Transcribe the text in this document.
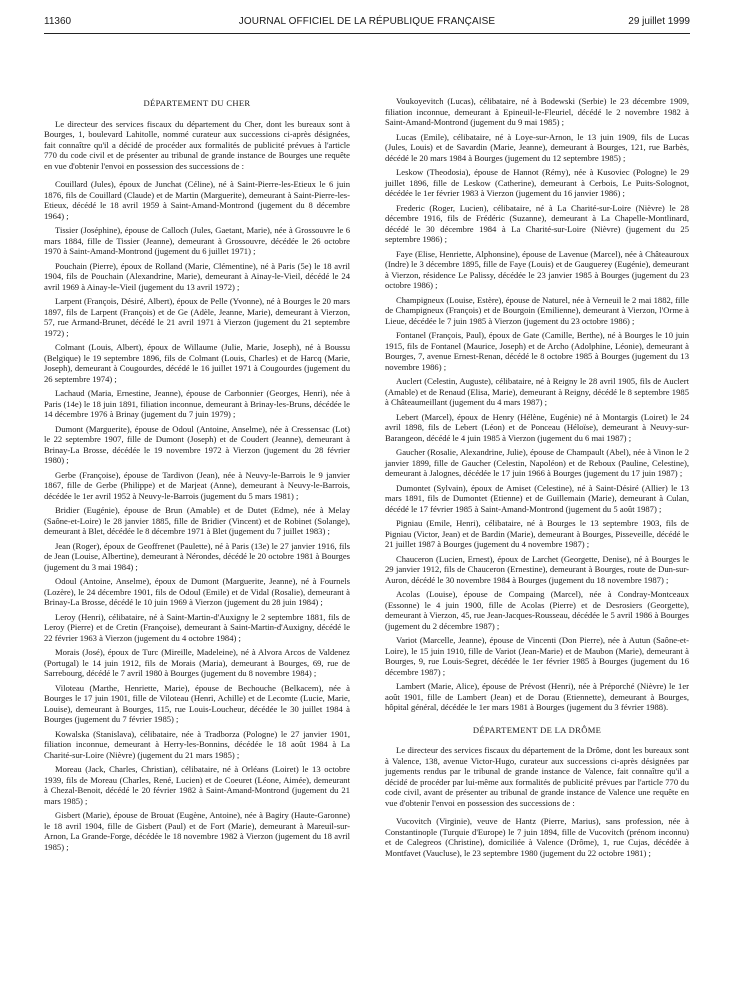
11360	JOURNAL OFFICIEL DE LA RÉPUBLIQUE FRANÇAISE	29 juillet 1999
DÉPARTEMENT DU CHER

Le directeur des services fiscaux du département du Cher, dont les bureaux sont à Bourges, 1, boulevard Lahitolle, nommé curateur aux successions ci-après désignées, fait connaître qu'il a décidé de procéder aux formalités de publicité prévues à l'article 770 du code civil et de présenter au tribunal de grande instance de Bourges une requête en vue d'obtenir l'envoi en possession des successions de :

Couillard (Jules), époux de Junchat (Céline), né à Saint-Pierre-les-Etieux le 6 juin 1876, fils de Couillard (Claude) et de Martin (Marguerite), demeurant à Saint-Pierre-les-Etieux, décédé le 18 avril 1959 à Saint-Amand-Montrond (jugement du 8 décembre 1964) ;

Tissier (Joséphine), épouse de Calloch (Jules, Gaetant, Marie), née à Grossouvre le 6 mars 1884, fille de Tissier (Jeanne), demeurant à Grossouvre, décédée le 26 octobre 1970 à Saint-Amand-Montrond (jugement du 6 juillet 1971) ;

Pouchain (Pierre), époux de Rolland (Marie, Clémentine), né à Paris (5e) le 18 avril 1904, fils de Pouchain (Alexandrine, Marie), demeurant à Ainay-le-Vieil, décédé le 24 avril 1969 à Ainay-le-Vieil (jugement du 13 avril 1972) ;

Larpent (François, Désiré, Albert), époux de Pelle (Yvonne), né à Bourges le 20 mars 1897, fils de Larpent (François) et de Ge (Adèle, Jeanne, Marie), demeurant à Vierzon, 57, rue Armand-Brunet, décédé le 21 avril 1971 à Vierzon (jugement du 21 septembre 1972) ;

Colmant (Louis, Albert), époux de Willaume (Julie, Marie, Joseph), né à Boussu (Belgique) le 19 septembre 1896, fils de Colmant (Louis, Charles) et de Harcq (Marie, Joseph), demeurant à Cougourdes, décédé le 16 juillet 1971 à Cougourdes (jugement du 26 septembre 1974) ;

Lachaud (Maria, Ernestine, Jeanne), épouse de Carbonnier (Georges, Henri), née à Paris (14e) le 18 juin 1891, filiation inconnue, demeurant à Brinay-les-Bruns, décédée le 14 décembre 1976 à Brinay (jugement du 7 juin 1979) ;

Dumont (Marguerite), épouse de Odoul (Antoine, Anselme), née à Cressensac (Lot) le 22 septembre 1907, fille de Dumont (Joseph) et de Coudert (Jeanne), demeurant à Brinay-La Brosse, décédée le 19 novembre 1972 à Vierzon (jugement du 28 février 1980) ;

Gerbe (Françoise), épouse de Tardivon (Jean), née à Neuvy-le-Barrois le 9 janvier 1867, fille de Gerbe (Philippe) et de Marjeat (Anne), demeurant à Neuvy-le-Barrois, décédée le 1er avril 1952 à Neuvy-le-Barrois (jugement du 5 mars 1981) ;

Bridier (Eugénie), épouse de Brun (Amable) et de Dutet (Edme), née à Melay (Saône-et-Loire) le 28 janvier 1885, fille de Bridier (Vincent) et de Robinet (Solange), demeurant à Blet, décédée le 8 décembre 1971 à Blet (jugement du 7 juillet 1983) ;

Jean (Roger), époux de Geoffrenet (Paulette), né à Paris (13e) le 27 janvier 1916, fils de Jean (Louise, Albertine), demeurant à Nérondes, décédé le 20 octobre 1981 à Bourges (jugement du 3 mai 1984) ;

Odoul (Antoine, Anselme), époux de Dumont (Marguerite, Jeanne), né à Fournels (Lozère), le 24 décembre 1901, fils de Odoul (Emile) et de Vidal (Rosalie), demeurant à Brinay-La Brosse, décédé le 10 juin 1969 à Vierzon (jugement du 28 juin 1984) ;

Leroy (Henri), célibataire, né à Saint-Martin-d'Auxigny le 2 septembre 1881, fils de Leroy (Pierre) et de Cretin (Françoise), demeurant à Saint-Martin-d'Auxigny, décédé le 22 février 1963 à Vierzon (jugement du 4 octobre 1984) ;

Morais (José), époux de Turc (Mireille, Madeleine), né à Alvora Arcos de Valdenez (Portugal) le 14 juin 1912, fils de Morais (Maria), demeurant à Bourges, 69, rue de Sarrebourg, décédé le 7 avril 1980 à Bourges (jugement du 8 novembre 1984) ;

Viloteau (Marthe, Henriette, Marie), épouse de Bechouche (Belkacem), née à Bourges le 17 juin 1901, fille de Viloteau (Henri, Achille) et de Lecomte (Lucie, Marie, Louise), demeurant à Bourges, 115, rue Louis-Loucheur, décédée le 30 juillet 1984 à Bourges (jugement du 7 février 1985) ;

Kowalska (Stanislava), célibataire, née à Tradborza (Pologne) le 27 janvier 1901, filiation inconnue, demeurant à Herry-les-Bonnins, décédée le 18 août 1984 à La Charité-sur-Loire (Nièvre) (jugement du 21 mars 1985) ;

Moreau (Jack, Charles, Christian), célibataire, né à Orléans (Loiret) le 13 octobre 1939, fils de Moreau (Charles, René, Lucien) et de Coeuret (Léone, Aimée), demeurant à Chezal-Benoit, décédé le 20 février 1982 à Saint-Amand-Montrond (jugement du 21 mars 1985) ;

Gisbert (Marie), épouse de Brouat (Eugène, Antoine), née à Bagiry (Haute-Garonne) le 18 avril 1904, fille de Gisbert (Paul) et de Fort (Marie), demeurant à Mareuil-sur-Arnon, La Grande-Forge, décédée le 18 novembre 1982 à Vierzon (jugement du 18 avril 1985) ;

Voukoyevitch (Lucas), célibataire, né à Bodewski (Serbie) le 23 décembre 1909, filiation inconnue, demeurant à Epineuil-le-Fleuriel, décédé le 2 novembre 1982 à Saint-Amand-Montrond (jugement du 9 mai 1985) ;

Lucas (Emile), célibataire, né à Loye-sur-Arnon, le 13 juin 1909, fils de Lucas (Jules, Louis) et de Savardin (Marie, Jeanne), demeurant à Bourges, 121, rue Barbès, décédé le 20 mars 1984 à Bourges (jugement du 12 septembre 1985) ;

Leskow (Theodosia), épouse de Hannot (Rémy), née à Kusoviec (Pologne) le 29 juillet 1896, fille de Leskow (Catherine), demeurant à Cerbois, Le Puits-Solognot, décédée le 1er février 1983 à Vierzon (jugement du 16 janvier 1986) ;

Frederic (Roger, Lucien), célibataire, né à La Charité-sur-Loire (Nièvre) le 28 décembre 1916, fils de Frédéric (Suzanne), demeurant à La Chapelle-Montlinard, décédé le 30 décembre 1984 à La Charité-sur-Loire (Nièvre) (jugement du 25 septembre 1986) ;

Faye (Elise, Henriette, Alphonsine), épouse de Lavenue (Marcel), née à Châteauroux (Indre) le 3 décembre 1895, fille de Faye (Louis) et de Gauguerey (Eugénie), demeurant à Vierzon, résidence Le Palissy, décédée le 23 janvier 1985 à Bourges (jugement du 23 octobre 1986) ;

Champigneux (Louise, Estère), épouse de Naturel, née à Verneuil le 2 mai 1882, fille de Champigneux (François) et de Bourgoin (Emilienne), demeurant à Vierzon, l'Orme à Lieue, décédée le 7 juin 1985 à Vierzon (jugement du 23 octobre 1986) ;

Fontanel (François, Paul), époux de Gate (Camille, Berthe), né à Bourges le 10 juin 1915, fils de Fontanel (Maurice, Joseph) et de Archo (Adolphine, Léonie), demeurant à Bourges, 7, avenue Ernest-Renan, décédé le 8 octobre 1985 à Bourges (jugement du 13 novembre 1986) ;

Auclert (Celestin, Auguste), célibataire, né à Reigny le 28 avril 1905, fils de Auclert (Amable) et de Renaud (Elisa, Marie), demeurant à Reigny, décédé le 8 septembre 1985 à Châteaumeillant (jugement du 4 mars 1987) ;

Lebert (Marcel), époux de Henry (Hélène, Eugénie) né à Montargis (Loiret) le 24 avril 1898, fils de Lebert (Léon) et de Ponceau (Héloïse), demeurant à Neuvy-sur-Barangeon, décédé le 4 juin 1985 à Vierzon (jugement du 6 mai 1987) ;

Gaucher (Rosalie, Alexandrine, Julie), épouse de Champault (Abel), née à Vinon le 2 janvier 1899, fille de Gaucher (Celestin, Napoléon) et de Reboux (Pauline, Celestine), demeurant à Jalognes, décédée le 17 juin 1966 à Bourges (jugement du 17 juin 1987) ;

Dumontet (Sylvain), époux de Amiset (Celestine), né à Saint-Désiré (Allier) le 13 mars 1891, fils de Dumontet (Etienne) et de Guillemain (Marie), demeurant à Culan, décédé le 17 février 1985 à Saint-Amand-Montrond (jugement du 5 août 1987) ;

Pigniau (Emile, Henri), célibataire, né à Bourges le 13 septembre 1903, fils de Pigniau (Victor, Jean) et de Bardin (Marie), demeurant à Bourges, Pisseveille, décédé le 21 juillet 1987 à Bourges (jugement du 4 novembre 1987) ;

Chauceron (Lucien, Ernest), époux de Larchet (Georgette, Denise), né à Bourges le 29 janvier 1912, fils de Chauceron (Ernestine), demeurant à Bourges, route de Dun-sur-Auron, décédé le 30 novembre 1984 à Bourges (jugement du 18 novembre 1987) ;

Acolas (Louise), épouse de Compaing (Marcel), née à Condray-Montceaux (Essonne) le 4 juin 1900, fille de Acolas (Pierre) et de Desrosiers (Georgette), demeurant à Vierzon, 45, rue Jean-Jacques-Rousseau, décédée le 5 avril 1986 à Bourges (jugement du 2 décembre 1987) ;

Variot (Marcelle, Jeanne), épouse de Vincenti (Don Pierre), née à Autun (Saône-et-Loire), le 15 juin 1910, fille de Variot (Jean-Marie) et de Maubon (Marie), demeurant à Bourges, 9, rue Louis-Segret, décédée le 1er février 1985 à Bourges (jugement du 16 décembre 1987) ;

Lambert (Marie, Alice), épouse de Prévost (Henri), née à Préporché (Nièvre) le 1er août 1901, fille de Lambert (Jean) et de Dorau (Etiennette), demeurant à Bourges, hôpital général, décédée le 1er mars 1981 à Bourges (jugement du 3 février 1988).

DÉPARTEMENT DE LA DRÔME

Le directeur des services fiscaux du département de la Drôme, dont les bureaux sont à Valence, 138, avenue Victor-Hugo, curateur aux successions ci-après désignées par jugements rendus par le tribunal de grande instance de Valence, fait connaître qu'il a décidé de procéder par lui-même aux formalités de publicité prévues par l'article 770 du code civil, avant de présenter au tribunal de grande instance de Valence une requête en vue d'obtenir l'envoi en possession des successions de :

Vucovitch (Virginie), veuve de Hantz (Pierre, Marius), sans profession, née à Constantinople (Turquie d'Europe) le 7 juin 1894, fille de Vucovitch (prénom inconnu) et de Calegreos (Christine), domiciliée à Valence (Drôme), 1, rue Cujas, décédée à Montfavet (Vaucluse), le 23 septembre 1980 (jugement du 22 octobre 1981) ;
